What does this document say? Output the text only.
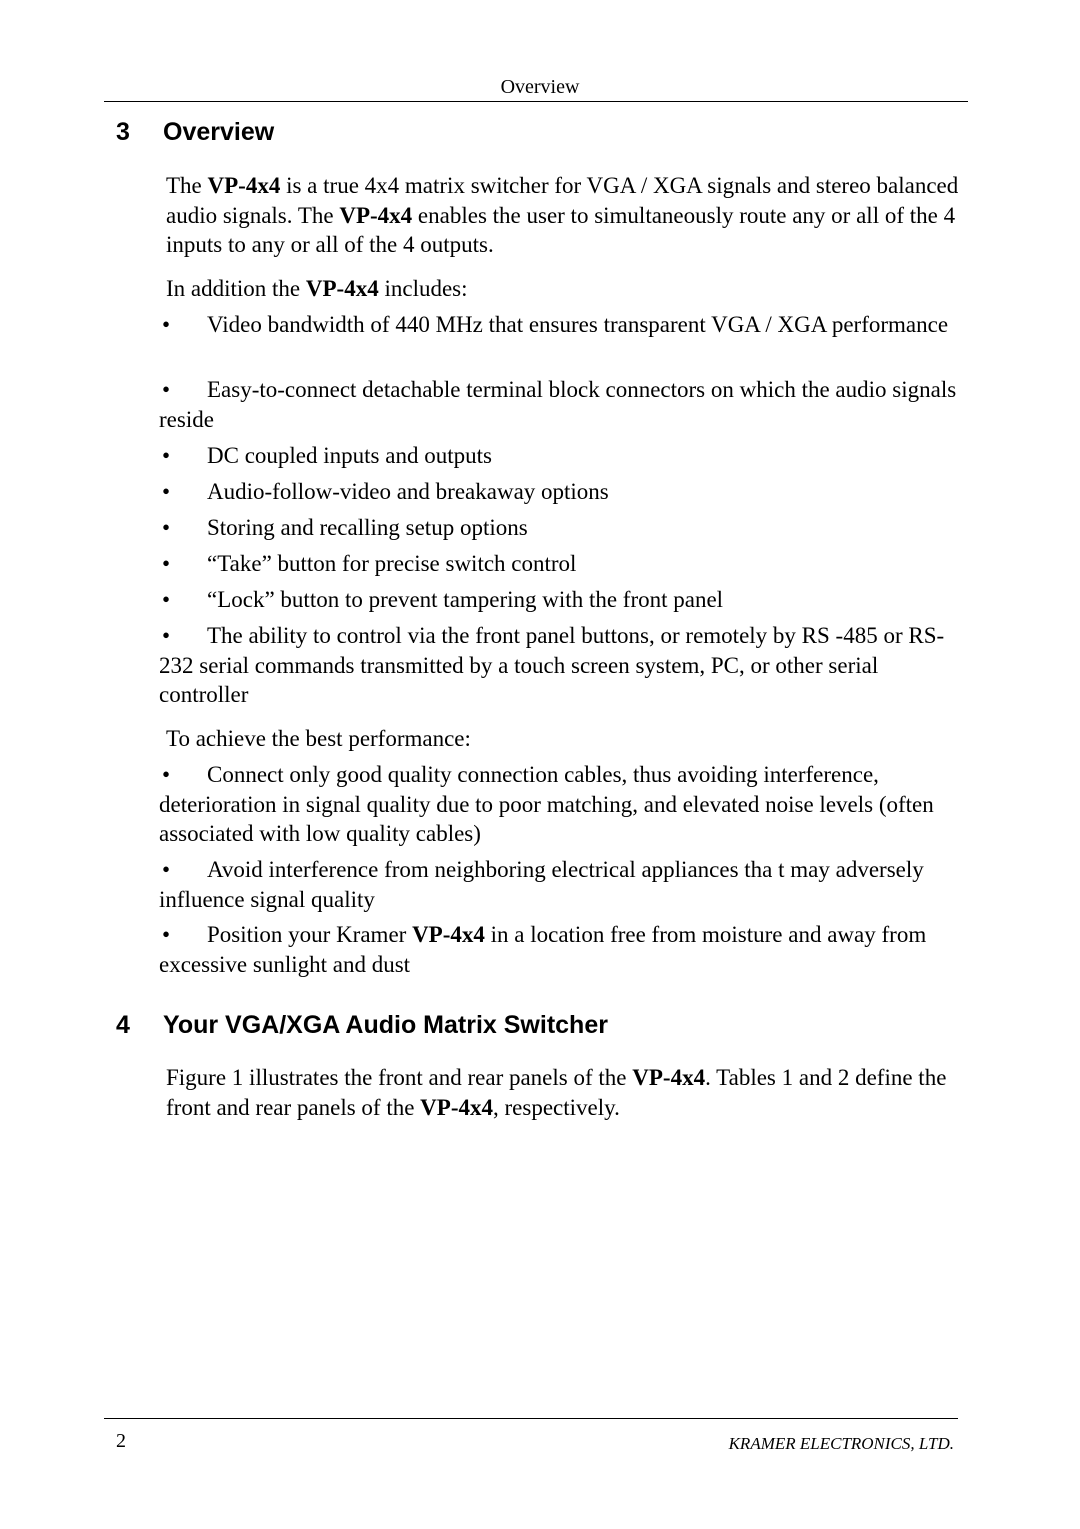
Overview
3 Overview
The VP-4x4 is a true 4x4 matrix switcher for VGA / XGA signals and stereo balanced audio signals. The VP-4x4 enables the user to simultaneously route any or all of the 4 inputs to any or all of the 4 outputs.
In addition the VP-4x4 includes:
• Video bandwidth of 440 MHz that ensures transparent VGA / XGA performance
• Easy-to-connect detachable terminal block connectors on which the audio signals reside
• DC coupled inputs and outputs
• Audio-follow-video and breakaway options
• Storing and recalling setup options
• “Take” button for precise switch control
• “Lock” button to prevent tampering with the front panel
• The ability to control via the front panel buttons, or remotely by RS -485 or RS-232 serial commands transmitted by a touch screen system, PC, or other serial controller
To achieve the best performance:
• Connect only good quality connection cables, thus avoiding interference, deterioration in signal quality due to poor matching, and elevated noise levels (often associated with low quality cables)
• Avoid interference from neighboring electrical appliances tha t may adversely influence signal quality
• Position your Kramer VP-4x4 in a location free from moisture and away from excessive sunlight and dust
4 Your VGA/XGA Audio Matrix Switcher
Figure 1 illustrates the front and rear panels of the VP-4x4. Tables 1 and 2 define the front and rear panels of the VP-4x4, respectively.
2	KRAMER ELECTRONICS, LTD.
